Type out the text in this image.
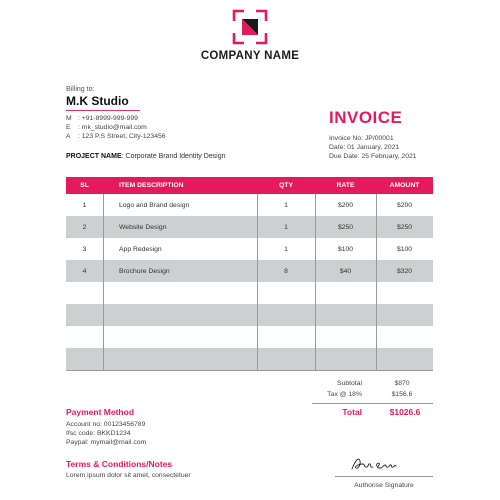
COMPANY NAME
Billing to:
M.K Studio
M : +91-8999-999-999
E : mk_studio@mail.com
A : 123 P.S Street, City-123456
PROJECT NAME: Corporate Brand Identity Design
INVOICE
Invoice No: JP/00001
Date: 01 January, 2021
Due Date: 25 February, 2021
SL	ITEM DESCRIPTION	QTY	RATE	AMOUNT
1	Logo and Brand design	1	$200	$200
2	Website Design	1	$250	$250
3	App Redesign	1	$100	$100
4	Brochure Design	8	$40	$320
Subtotal	$870
Tax @ 18%	$156.6
Total	$1026.6
Payment Method
Account no: 00123456789
Ifsc code: BKKD1234
Paypal: mymail@mail.com
Terms & Conditions/Notes
Lorem ipsum dolor sit amet, consectetuer
Authorise Signature
